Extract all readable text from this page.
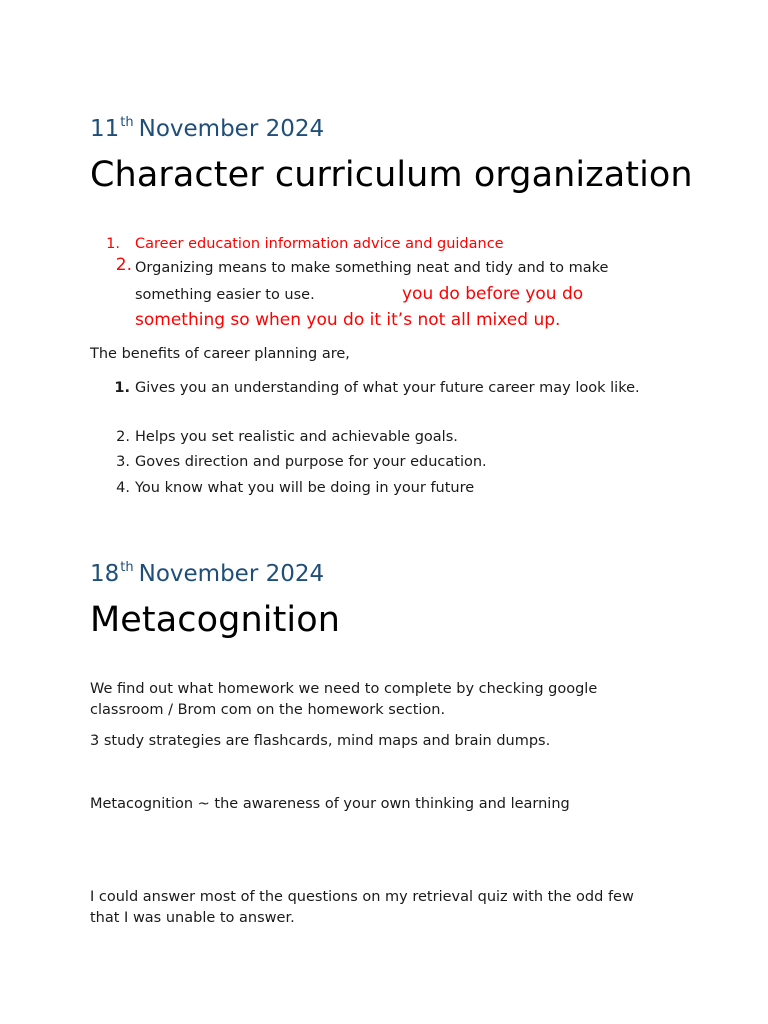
11th November 2024
Character curriculum organization
1. Career education information advice and guidance
2. Organizing means to make something neat and tidy and to make
something easier to use.	you do before you do
something so when you do it it’s not all mixed up.
The benefits of career planning are,
1. Gives you an understanding of what your future career may look like.
2. Helps you set realistic and achievable goals.
3. Goves direction and purpose for your education.
4. You know what you will be doing in your future
18th November 2024
Metacognition
We find out what homework we need to complete by checking google
classroom / Brom com on the homework section.
3 study strategies are flashcards, mind maps and brain dumps.
Metacognition ~ the awareness of your own thinking and learning
I could answer most of the questions on my retrieval quiz with the odd few
that I was unable to answer.
